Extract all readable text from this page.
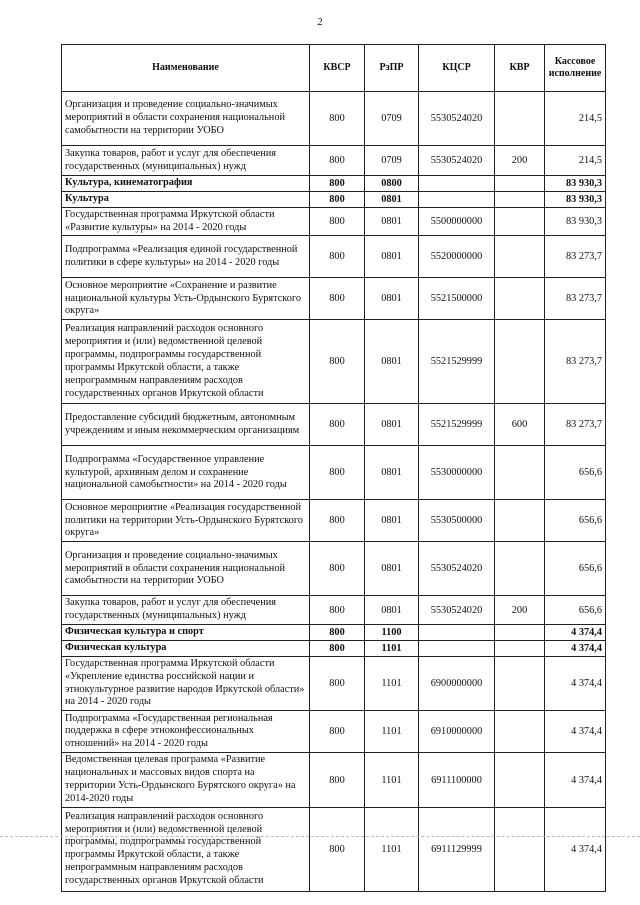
2
Наименование	КВСР	РзПР	КЦСР	КВР	Кассовое исполнение
Организация и проведение социально-значимых мероприятий в области сохранения национальной самобытности на территории УОБО	800	0709	5530524020		214,5
Закупка товаров, работ и услуг для обеспечения государственных (муниципальных) нужд	800	0709	5530524020	200	214,5
Культура, кинематография	800	0800			83 930,3
Культура	800	0801			83 930,3
Государственная программа Иркутской области «Развитие культуры» на 2014 - 2020 годы	800	0801	5500000000		83 930,3
Подпрограмма «Реализация единой государственной политики в сфере культуры» на 2014 - 2020 годы	800	0801	5520000000		83 273,7
Основное мероприятие «Сохранение и развитие национальной культуры Усть-Ордынского Бурятского округа»	800	0801	5521500000		83 273,7
Реализация направлений расходов основного мероприятия и (или) ведомственной целевой программы, подпрограммы государственной программы Иркутской области, а также непрограммным направлениям расходов государственных органов Иркутской области	800	0801	5521529999		83 273,7
Предоставление субсидий бюджетным, автономным учреждениям и иным некоммерческим организациям	800	0801	5521529999	600	83 273,7
Подпрограмма «Государственное управление культурой, архивным делом и сохранение национальной самобытности» на 2014 - 2020 годы	800	0801	5530000000		656,6
Основное мероприятие «Реализация государственной политики на территории Усть-Ордынского Бурятского округа»	800	0801	5530500000		656,6
Организация и проведение социально-значимых мероприятий в области сохранения национальной самобытности на территории УОБО	800	0801	5530524020		656,6
Закупка товаров, работ и услуг для обеспечения государственных (муниципальных) нужд	800	0801	5530524020	200	656,6
Физическая культура и спорт	800	1100			4 374,4
Физическая культура	800	1101			4 374,4
Государственная программа Иркутской области «Укрепление единства российской нации и этнокультурное развитие народов Иркутской области» на 2014 - 2020 годы	800	1101	6900000000		4 374,4
Подпрограмма «Государственная региональная поддержка в сфере этноконфессиональных отношений» на 2014 - 2020 годы	800	1101	6910000000		4 374,4
Ведомственная целевая программа «Развитие национальных и массовых видов спорта на территории Усть-Ордынского Бурятского округа» на 2014-2020 годы	800	1101	6911100000		4 374,4
Реализация направлений расходов основного мероприятия и (или) ведомственной целевой программы, подпрограммы государственной программы Иркутской области, а также непрограммным направлениям расходов государственных органов Иркутской области	800	1101	6911129999		4 374,4
